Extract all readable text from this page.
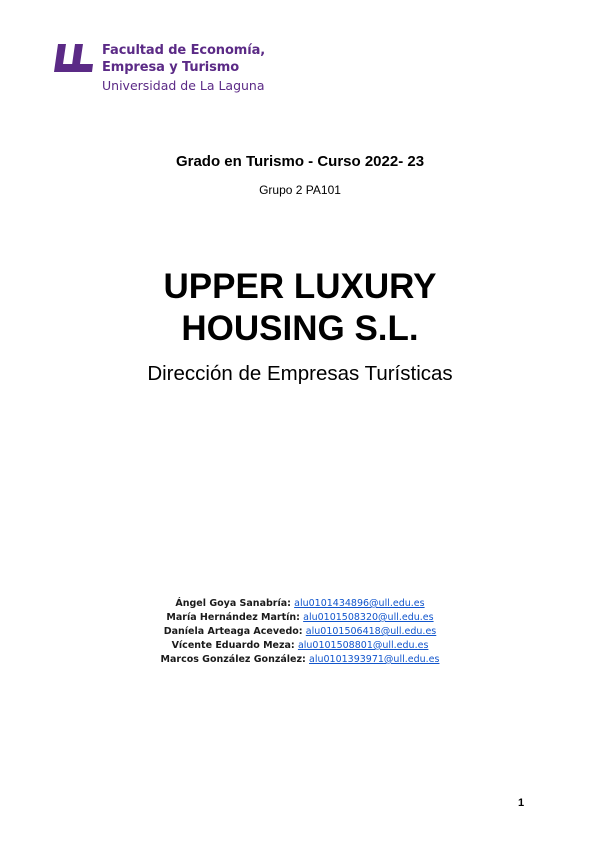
Facultad de Economía,
Empresa y Turismo
Universidad de La Laguna
Grado en Turismo - Curso 2022- 23
Grupo 2 PA101
UPPER LUXURY
HOUSING S.L.
Dirección de Empresas Turísticas
Ángel Goya Sanabría: alu0101434896@ull.edu.es
María Hernández Martín: alu0101508320@ull.edu.es
Daníela Arteaga Acevedo: alu0101506418@ull.edu.es
Vícente Eduardo Meza: alu0101508801@ull.edu.es
Marcos González González: alu0101393971@ull.edu.es
1
